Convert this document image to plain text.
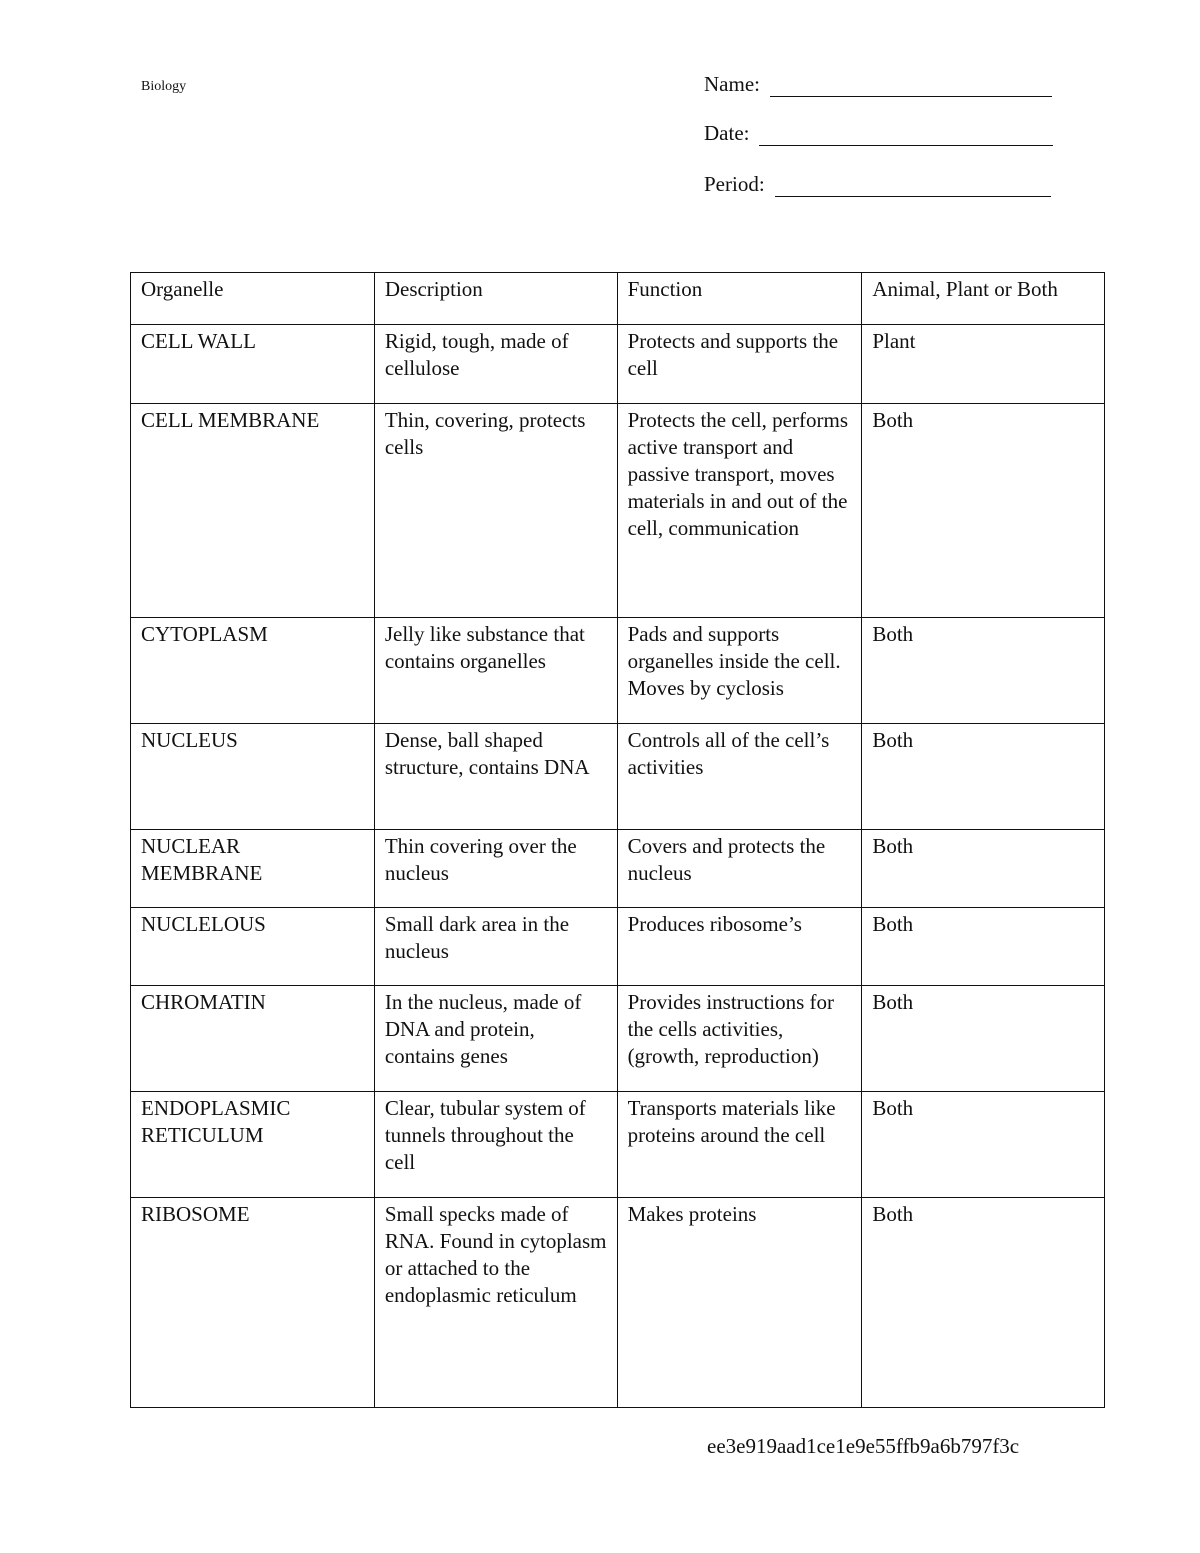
Biology	Name:
Date:
Period:
Organelle	Description	Function	Animal, Plant or Both
CELL WALL	Rigid, tough, made of cellulose	Protects and supports the cell	Plant
CELL MEMBRANE	Thin, covering, protects cells	Protects the cell, performs active transport and passive transport, moves materials in and out of the cell, communication	Both
CYTOPLASM	Jelly like substance that contains organelles	Pads and supports organelles inside the cell. Moves by cyclosis	Both
NUCLEUS	Dense, ball shaped structure, contains DNA	Controls all of the cell’s activities	Both
NUCLEAR MEMBRANE	Thin covering over the nucleus	Covers and protects the nucleus	Both
NUCLELOUS	Small dark area in the nucleus	Produces ribosome’s	Both
CHROMATIN	In the nucleus, made of DNA and protein, contains genes	Provides instructions for the cells activities, (growth, reproduction)	Both
ENDOPLASMIC RETICULUM	Clear, tubular system of tunnels throughout the cell	Transports materials like proteins around the cell	Both
RIBOSOME	Small specks made of RNA. Found in cytoplasm or attached to the endoplasmic reticulum	Makes proteins	Both
ee3e919aad1ce1e9e55ffb9a6b797f3c
